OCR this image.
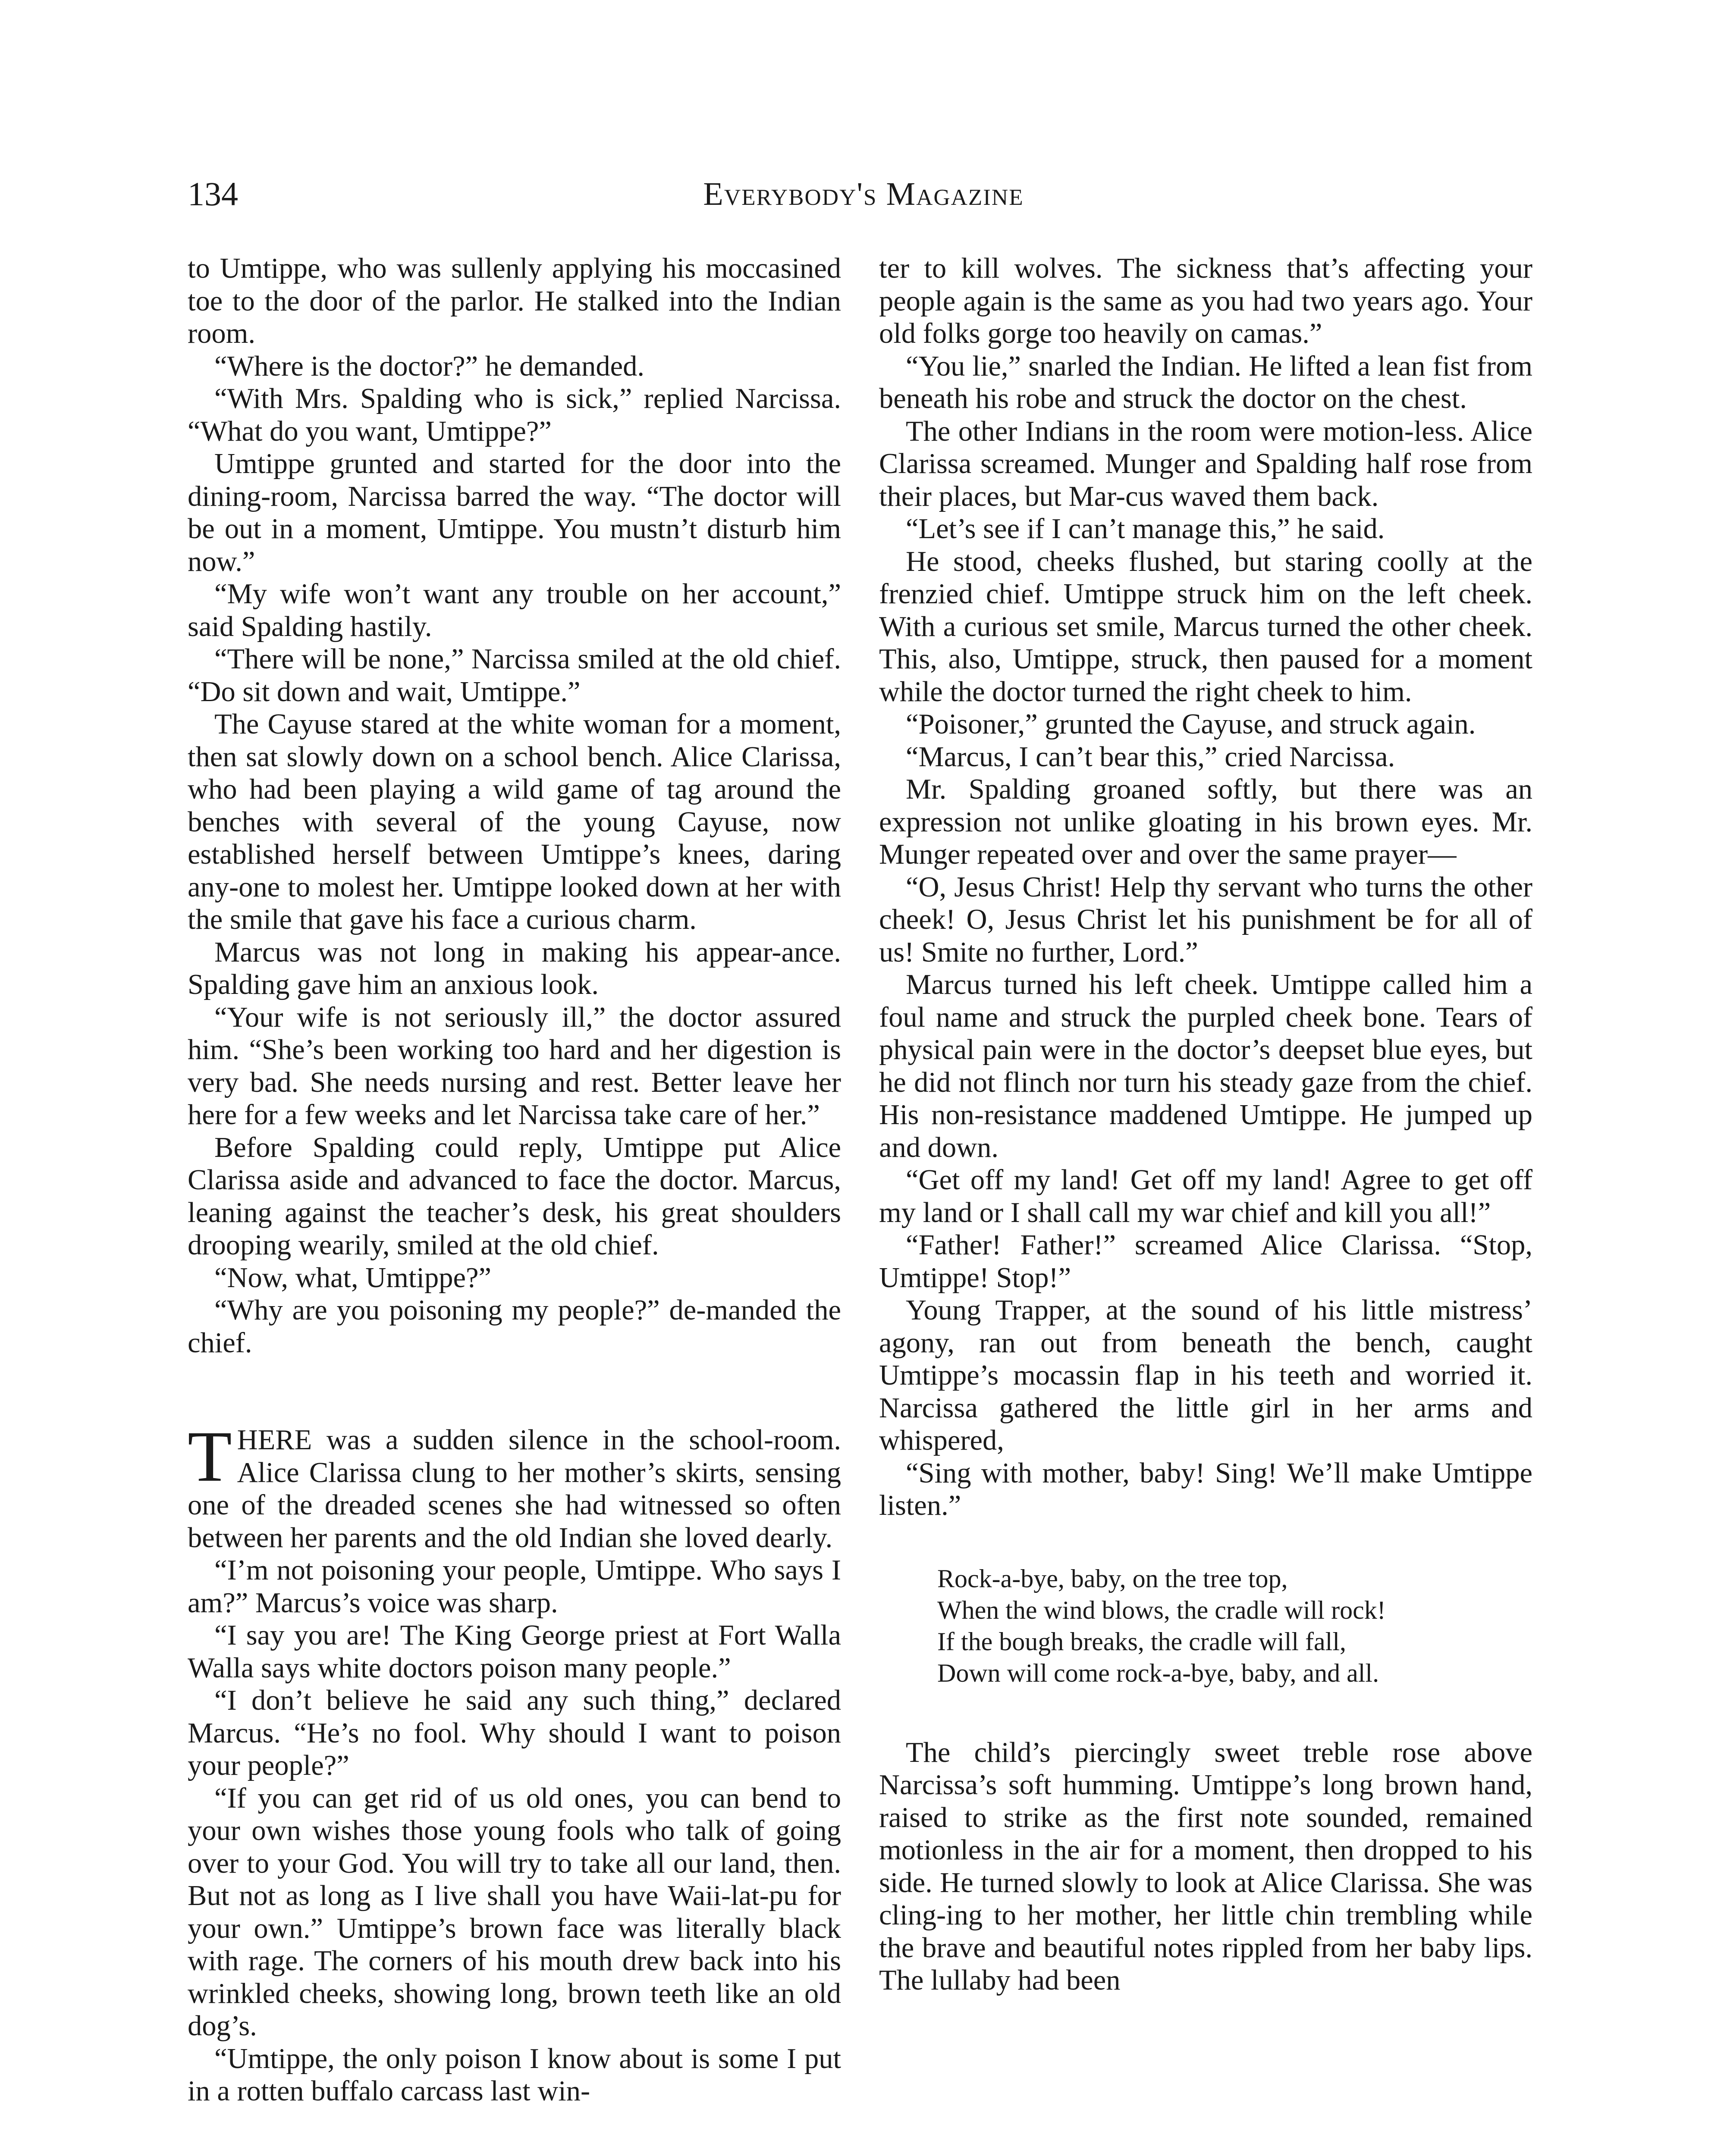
134	Everybody's Magazine

to Umtippe, who was sullenly applying his moccasined toe to the door of the parlor. He stalked into the Indian room.

“Where is the doctor?” he demanded.

“With Mrs. Spalding who is sick,” replied Narcissa. “What do you want, Umtippe?”

Umtippe grunted and started for the door into the dining-room, Narcissa barred the way. “The doctor will be out in a moment, Umtippe. You mustn’t disturb him now.”

“My wife won’t want any trouble on her account,” said Spalding hastily.

“There will be none,” Narcissa smiled at the old chief. “Do sit down and wait, Umtippe.”

The Cayuse stared at the white woman for a moment, then sat slowly down on a school bench. Alice Clarissa, who had been playing a wild game of tag around the benches with several of the young Cayuse, now established herself between Umtippe’s knees, daring any-one to molest her. Umtippe looked down at her with the smile that gave his face a curious charm.

Marcus was not long in making his appear-ance. Spalding gave him an anxious look.

“Your wife is not seriously ill,” the doctor assured him. “She’s been working too hard and her digestion is very bad. She needs nursing and rest. Better leave her here for a few weeks and let Narcissa take care of her.”

Before Spalding could reply, Umtippe put Alice Clarissa aside and advanced to face the doctor. Marcus, leaning against the teacher’s desk, his great shoulders drooping wearily, smiled at the old chief.

“Now, what, Umtippe?”

“Why are you poisoning my people?” de-manded the chief.

THERE was a sudden silence in the school-room. Alice Clarissa clung to her mother’s skirts, sensing one of the dreaded scenes she had witnessed so often between her parents and the old Indian she loved dearly.

“I’m not poisoning your people, Umtippe. Who says I am?” Marcus’s voice was sharp.

“I say you are! The King George priest at Fort Walla Walla says white doctors poison many people.”

“I don’t believe he said any such thing,” declared Marcus. “He’s no fool. Why should I want to poison your people?”

“If you can get rid of us old ones, you can bend to your own wishes those young fools who talk of going over to your God. You will try to take all our land, then. But not as long as I live shall you have Waii-lat-pu for your own.” Umtippe’s brown face was literally black with rage. The corners of his mouth drew back into his wrinkled cheeks, showing long, brown teeth like an old dog’s.

“Umtippe, the only poison I know about is some I put in a rotten buffalo carcass last win-

ter to kill wolves. The sickness that’s affecting your people again is the same as you had two years ago. Your old folks gorge too heavily on camas.”

“You lie,” snarled the Indian. He lifted a lean fist from beneath his robe and struck the doctor on the chest.

The other Indians in the room were motion-less. Alice Clarissa screamed. Munger and Spalding half rose from their places, but Mar-cus waved them back.

“Let’s see if I can’t manage this,” he said.

He stood, cheeks flushed, but staring coolly at the frenzied chief. Umtippe struck him on the left cheek. With a curious set smile, Marcus turned the other cheek. This, also, Umtippe, struck, then paused for a moment while the doctor turned the right cheek to him.

“Poisoner,” grunted the Cayuse, and struck again.

“Marcus, I can’t bear this,” cried Narcissa.

Mr. Spalding groaned softly, but there was an expression not unlike gloating in his brown eyes. Mr. Munger repeated over and over the same prayer—

“O, Jesus Christ! Help thy servant who turns the other cheek! O, Jesus Christ let his punishment be for all of us! Smite no further, Lord.”

Marcus turned his left cheek. Umtippe called him a foul name and struck the purpled cheek bone. Tears of physical pain were in the doctor’s deepset blue eyes, but he did not flinch nor turn his steady gaze from the chief. His non-resistance maddened Umtippe. He jumped up and down.

“Get off my land! Get off my land! Agree to get off my land or I shall call my war chief and kill you all!”

“Father! Father!” screamed Alice Clarissa. “Stop, Umtippe! Stop!”

Young Trapper, at the sound of his little mistress’ agony, ran out from beneath the bench, caught Umtippe’s mocassin flap in his teeth and worried it. Narcissa gathered the little girl in her arms and whispered,

“Sing with mother, baby! Sing! We’ll make Umtippe listen.”

Rock-a-bye, baby, on the tree top,
When the wind blows, the cradle will rock!
If the bough breaks, the cradle will fall,
Down will come rock-a-bye, baby, and all.

The child’s piercingly sweet treble rose above Narcissa’s soft humming. Umtippe’s long brown hand, raised to strike as the first note sounded, remained motionless in the air for a moment, then dropped to his side. He turned slowly to look at Alice Clarissa. She was cling-ing to her mother, her little chin trembling while the brave and beautiful notes rippled from her baby lips. The lullaby had been
